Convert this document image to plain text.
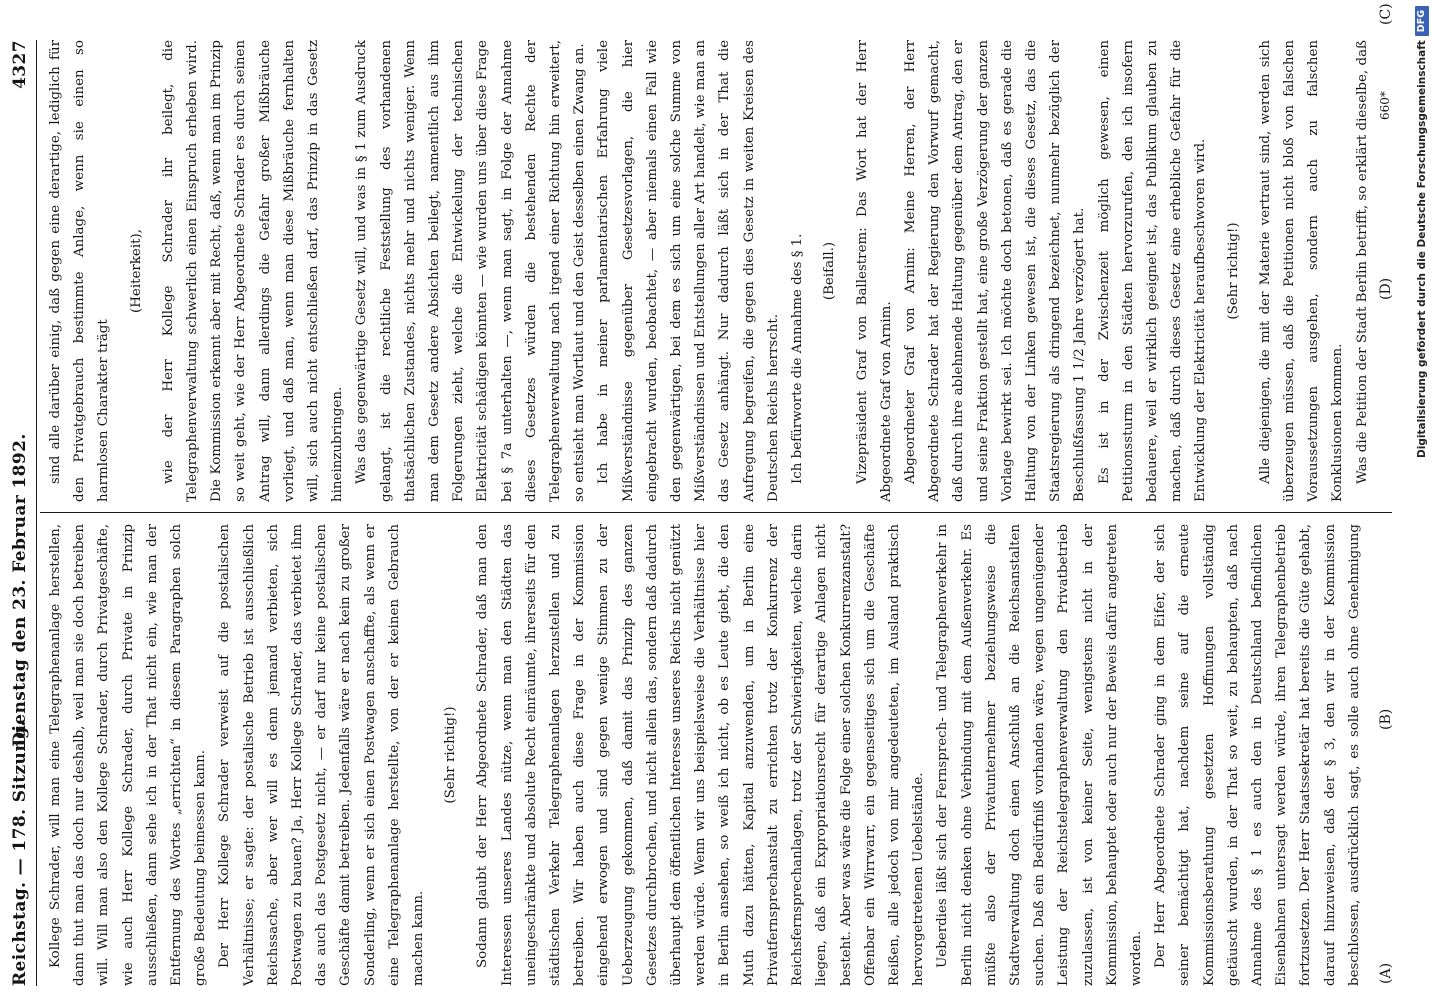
Reichstag. — 178. Sitzung.
Dienstag den 23. Februar 1892.
4327
(A)
(B)
(C)
(D)

Kollege Schrader, will man eine Telegraphenanlage herstellen, dann thut man das doch nur deshalb, weil man sie doch betreiben will. Will man also den Kollege Schrader, durch Privatgeschäfte, wie auch Herr Kollege Schrader, durch Private in Prinzip ausschließen, dann sehe ich in der That nicht ein, wie man der Entfernung des Wortes „errichten“ in diesem Paragraphen solch große Bedeutung beimessen kann. Der Herr Kollege Schrader verweist auf die postalischen Verhältnisse; er sagte: der postalische Betrieb ist ausschließlich Reichssache, aber wer will es denn jemand verbieten, sich Postwagen zu bauen? Ja, Herr Kollege Schrader, das verbietet ihm das auch das Postgesetz nicht, — er darf nur keine postalischen Geschäfte damit betreiben. Jedenfalls wäre er nach kein zu großer Sonderling, wenn er sich einen Postwagen anschaffte, als wenn er eine Telegraphenanlage herstellte, von der er keinen Gebrauch machen kann.

(Sehr richtig!)	Sodann glaubt der Herr Abgeordnete Schrader, daß man den Interessen unseres Landes nütze, wenn man den Städten das uneingeschränkte und absolute Recht einräumte, ihrerseits für den städtischen Verkehr Telegraphenanlagen herzustellen und zu betreiben. Wir haben auch diese Frage in der Kommission eingehend erwogen und sind gegen wenige Stimmen zu der Ueberzeugung gekommen, daß damit das Prinzip des ganzen Gesetzes durchbrochen, und nicht allein das, sondern daß dadurch überhaupt dem öffentlichen Interesse unseres Reichs nicht genützt werden würde. Wenn wir uns beispielsweise die Verhältnisse hier in Berlin ansehen, so weiß ich nicht, ob es Leute giebt, die den Muth dazu hätten, Kapital anzuwenden, um in Berlin eine Privatfernsprechanstalt zu errichten trotz der Konkurrenz der Reichsfernsprechanlagen, trotz der Schwierigkeiten, welche darin liegen, daß ein Expropriationsrecht für derartige Anlagen nicht besteht. Aber was wäre die Folge einer solchen Konkurrenzanstalt? Offenbar ein Wirrwarr, ein gegenseitiges sich um die Geschäfte Reißen, alle jedoch von mir angedeuteten, im Ausland praktisch hervorgetretenen Uebelstände. Ueberdies läßt sich der Fernsprech- und Telegraphenverkehr in Berlin nicht denken ohne Verbindung mit dem Außenverkehr. Es müßte also der Privatunternehmer beziehungsweise die Stadtverwaltung doch einen Anschluß an die Reichsanstalten suchen. Daß ein Bedürfniß vorhanden wäre, wegen ungenügender Leistung der Reichstelegraphenverwaltung den Privatbetrieb zuzulassen, ist von keiner Seite, wenigstens nicht in der Kommission, behauptet oder auch nur der Beweis dafür angetreten worden. Der Herr Abgeordnete Schrader ging in dem Eifer, der sich seiner bemächtigt hat, nachdem seine auf die erneute Kommissionsberathung gesetzten Hoffnungen vollständig getäuscht wurden, in der That so weit, zu behaupten, daß nach Annahme des § 1 es auch den in Deutschland befindlichen Eisenbahnen untersagt werden würde, ihren Telegraphenbetrieb fortzusetzen. Der Herr Staatssekretär hat bereits die Güte gehabt, darauf hinzuweisen, daß der § 3, den wir in der Kommission beschlossen, ausdrücklich sagt, es solle auch ohne Genehmigung

sind alle darüber einig, daß gegen eine derartige, lediglich für den Privatgebrauch bestimmte Anlage, wenn sie einen so harmlosen Charakter trägt

(Heiterkeit),	wie der Herr Kollege Schrader ihr beilegt, die Telegraphenverwaltung schwerlich einen Einspruch erheben wird. Die Kommission erkennt aber mit Recht, daß, wenn man im Prinzip so weit geht, wie der Herr Abgeordnete Schrader es durch seinen Antrag will, dann allerdings die Gefahr großer Mißbräuche vorliegt, und daß man, wenn man diese Mißbräuche fernhalten will, sich auch nicht entschließen darf, das Prinzip in das Gesetz hineinzubringen. Was das gegenwärtige Gesetz will, und was in § 1 zum Ausdruck gelangt, ist die rechtliche Feststellung des vorhandenen thatsächlichen Zustandes, nichts mehr und nichts weniger. Wenn man dem Gesetz andere Absichten beilegt, namentlich aus ihm Folgerungen zieht, welche die Entwickelung der technischen Elektricität schädigen könnten — wie wurden uns über diese Frage bei § 7a unterhalten —, wenn man sagt, in Folge der Annahme dieses Gesetzes würden die bestehenden Rechte der Telegraphenverwaltung nach irgend einer Richtung hin erweitert, so entsieht man Wortlaut und den Geist desselben einen Zwang an. Ich habe in meiner parlamentarischen Erfahrung viele Mißverständnisse gegenüber Gesetzesvorlagen, die hier eingebracht wurden, beobachtet, — aber niemals einen Fall wie den gegenwärtigen, bei dem es sich um eine solche Summe von Mißverständnissen und Entstellungen aller Art handelt, wie man an das Gesetz anhängt. Nur dadurch läßt sich in der That die Aufregung begreifen, die gegen dies Gesetz in weiten Kreisen des Deutschen Reichs herrscht. Ich befürworte die Annahme des § 1.	(Beifall.)	Vizepräsident Graf von Ballestrem: Das Wort hat der Herr Abgeordnete Graf von Arnim. Abgeordneter Graf von Arnim: Meine Herren, der Herr Abgeordnete Schrader hat der Regierung den Vorwurf gemacht, daß durch ihre ablehnende Haltung gegenüber dem Antrag, den er und seine Fraktion gestellt hat, eine große Verzögerung der ganzen Vorlage bewirkt sei. Ich möchte doch betonen, daß es gerade die Haltung von der Linken gewesen ist, die dieses Gesetz, das die Staatsregierung als dringend bezeichnet, nunmehr bezüglich der Beschlußfassung 1 1/2 Jahre verzögert hat. Es ist in der Zwischenzeit möglich gewesen, einen Petitionssturm in den Städten hervorzurufen, den ich insofern bedauere, weil er wirklich geeignet ist, das Publikum glauben zu machen, daß durch dieses Gesetz eine erhebliche Gefahr für die Entwicklung der Elektricität heraufbeschworen wird.	(Sehr richtig!)	Alle diejenigen, die mit der Materie vertraut sind, werden sich überzeugen müssen, daß die Petitionen nicht bloß von falschen Voraussetzungen ausgehen, sondern auch zu falschen Konklusionen kommen. Was die Petition der Stadt Berlin betrifft, so erklärt dieselbe, daß

660* Digitalisierung gefördert durch die Deutsche Forschungsgemeinschaft
DFG
